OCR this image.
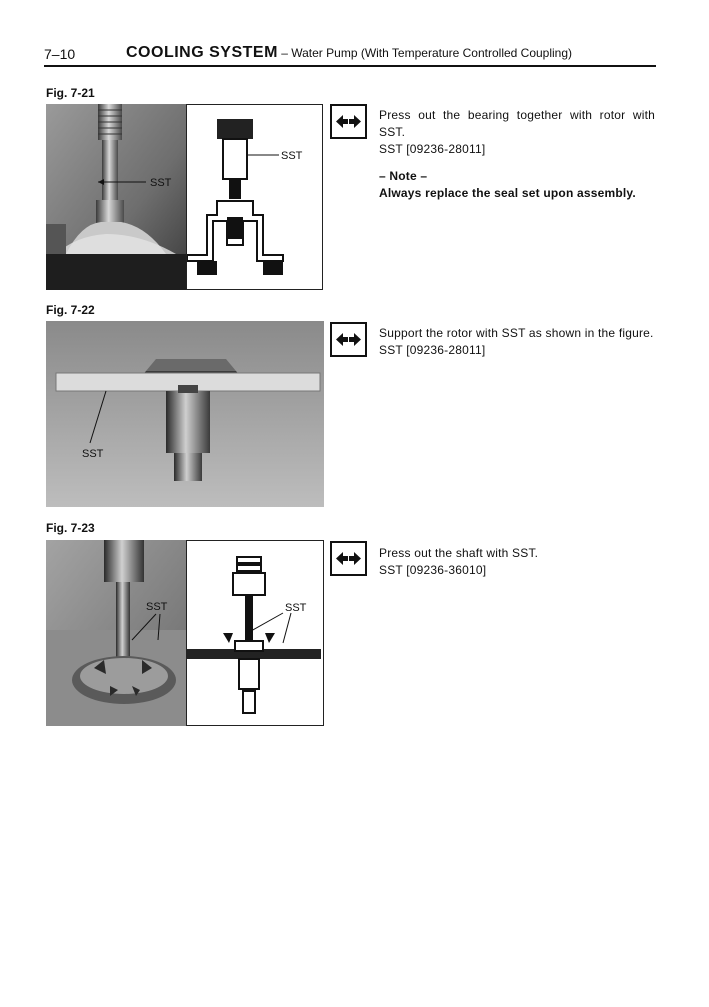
7–10	COOLING SYSTEM – Water Pump (With Temperature Controlled Coupling)
Fig. 7-21
SST
SST

Press out the bearing together with rotor with SST.

SST [09236-28011]

– Note –

Always replace the seal set upon assembly.

Fig. 7-22
SST

Support the rotor with SST as shown in the figure.

SST [09236-28011]

Fig. 7-23
SST	SST

Press out the shaft with SST.

SST [09236-36010]
